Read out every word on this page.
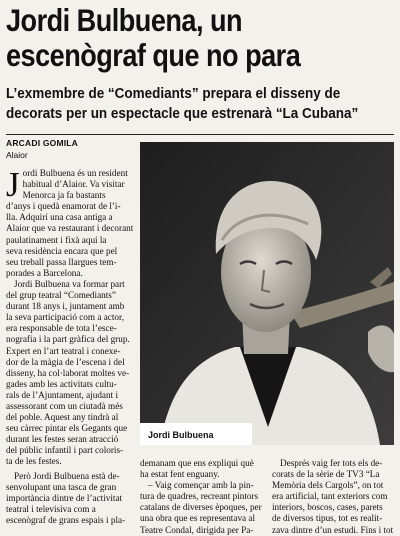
Jordi Bulbuena, un
escenògraf que no para
L’exmembre de “Comediants” prepara el disseny de
decorats per un espectacle que estrenarà “La Cubana”
ARCADI GOMILA
Alaior

J ordi Bulbuena és un resident
habitual d’Alaior. Va visitar
Menorca ja fa bastants
d’anys i quedà enamorat de l’i-
lla. Adquirí una casa antiga a
Alaior que va restaurant i decorant
paulatinament i fixà aquí la
seva residència encara que pel
seu treball passa llargues tem-
porades a Barcelona.

Jordi Bulbuena va formar part
del grup teatral “Comediants”
durant 18 anys i, juntament amb
la seva participació com a actor,
era responsable de tota l’esce-
nografia i la part gràfica del grup.
Expert en l’art teatral i conexe-
dor de la màgia de l’escena i del
disseny, ha col·laborat moltes ve-
gades amb les activitats cultu-
rals de l’Ajuntament, ajudant i
assessorant com un ciutadà més
del poble. Aquest any tindrà al
seu càrrec pintar els Gegants que
durant les festes seran atracció
del públic infantil i part coloris-
ta de les festes.

Però Jordi Bulbuena està de-
senvolupant una tasca de gran
importància dintre de l’activitat
teatral i televisiva com a
escenògraf de grans espais i pla-

Jordi Bulbuena

demanam que ens expliqui què
ha estat fent enguany.

– Vaig començar amb la pin-
tura de quadres, recreant pintors
catalans de diverses èpoques, per
una obra que es representava al
Teatre Condal, dirigida per Pa-

Després vaig fer tots els de-
corats de la sèrie de TV3 “La
Memòria dels Cargols”, on tot
era artificial, tant exteriors com
interiors, boscos, cases, parets
de diversos tipus, tot es realit-
zava dintre d’un estudi. Fins i tot
